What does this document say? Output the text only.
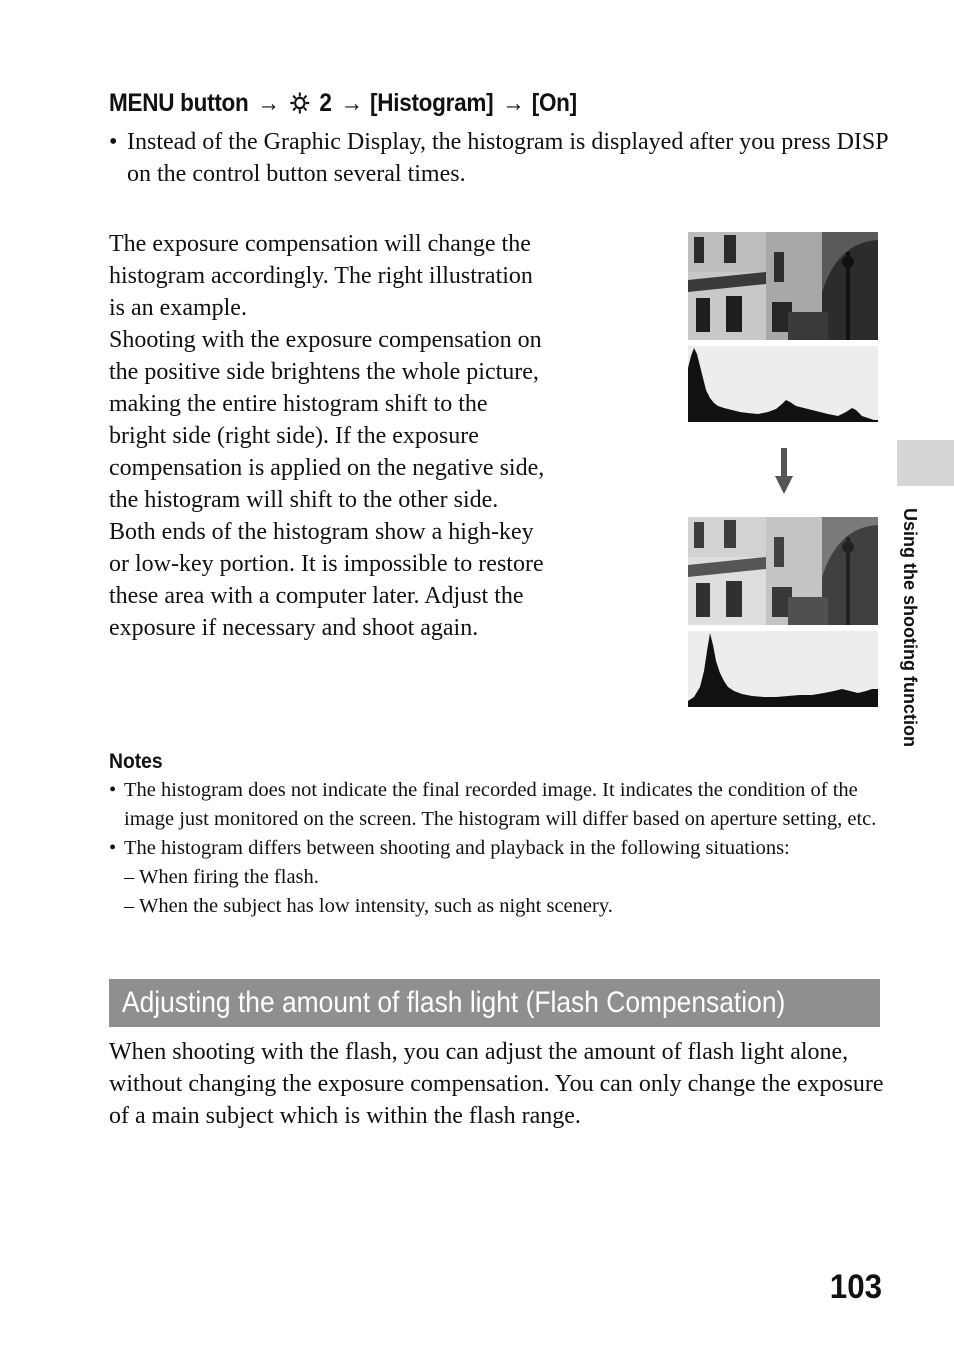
MENU button → 2 → [Histogram] → [On]
• Instead of the Graphic Display, the histogram is displayed after you press DISP on the control button several times.

The exposure compensation will change the histogram accordingly. The right illustration is an example.

Shooting with the exposure compensation on the positive side brightens the whole picture, making the entire histogram shift to the bright side (right side). If the exposure compensation is applied on the negative side, the histogram will shift to the other side.

Both ends of the histogram show a high-key or low-key portion. It is impossible to restore these area with a computer later. Adjust the exposure if necessary and shoot again.	Using the shooting function
Notes
• The histogram does not indicate the final recorded image. It indicates the condition of the image just monitored on the screen. The histogram will differ based on aperture setting, etc.
• The histogram differs between shooting and playback in the following situations:
– When firing the flash.
– When the subject has low intensity, such as night scenery.
Adjusting the amount of flash light (Flash Compensation)
When shooting with the flash, you can adjust the amount of flash light alone, without changing the exposure compensation. You can only change the exposure of a main subject which is within the flash range.
103
